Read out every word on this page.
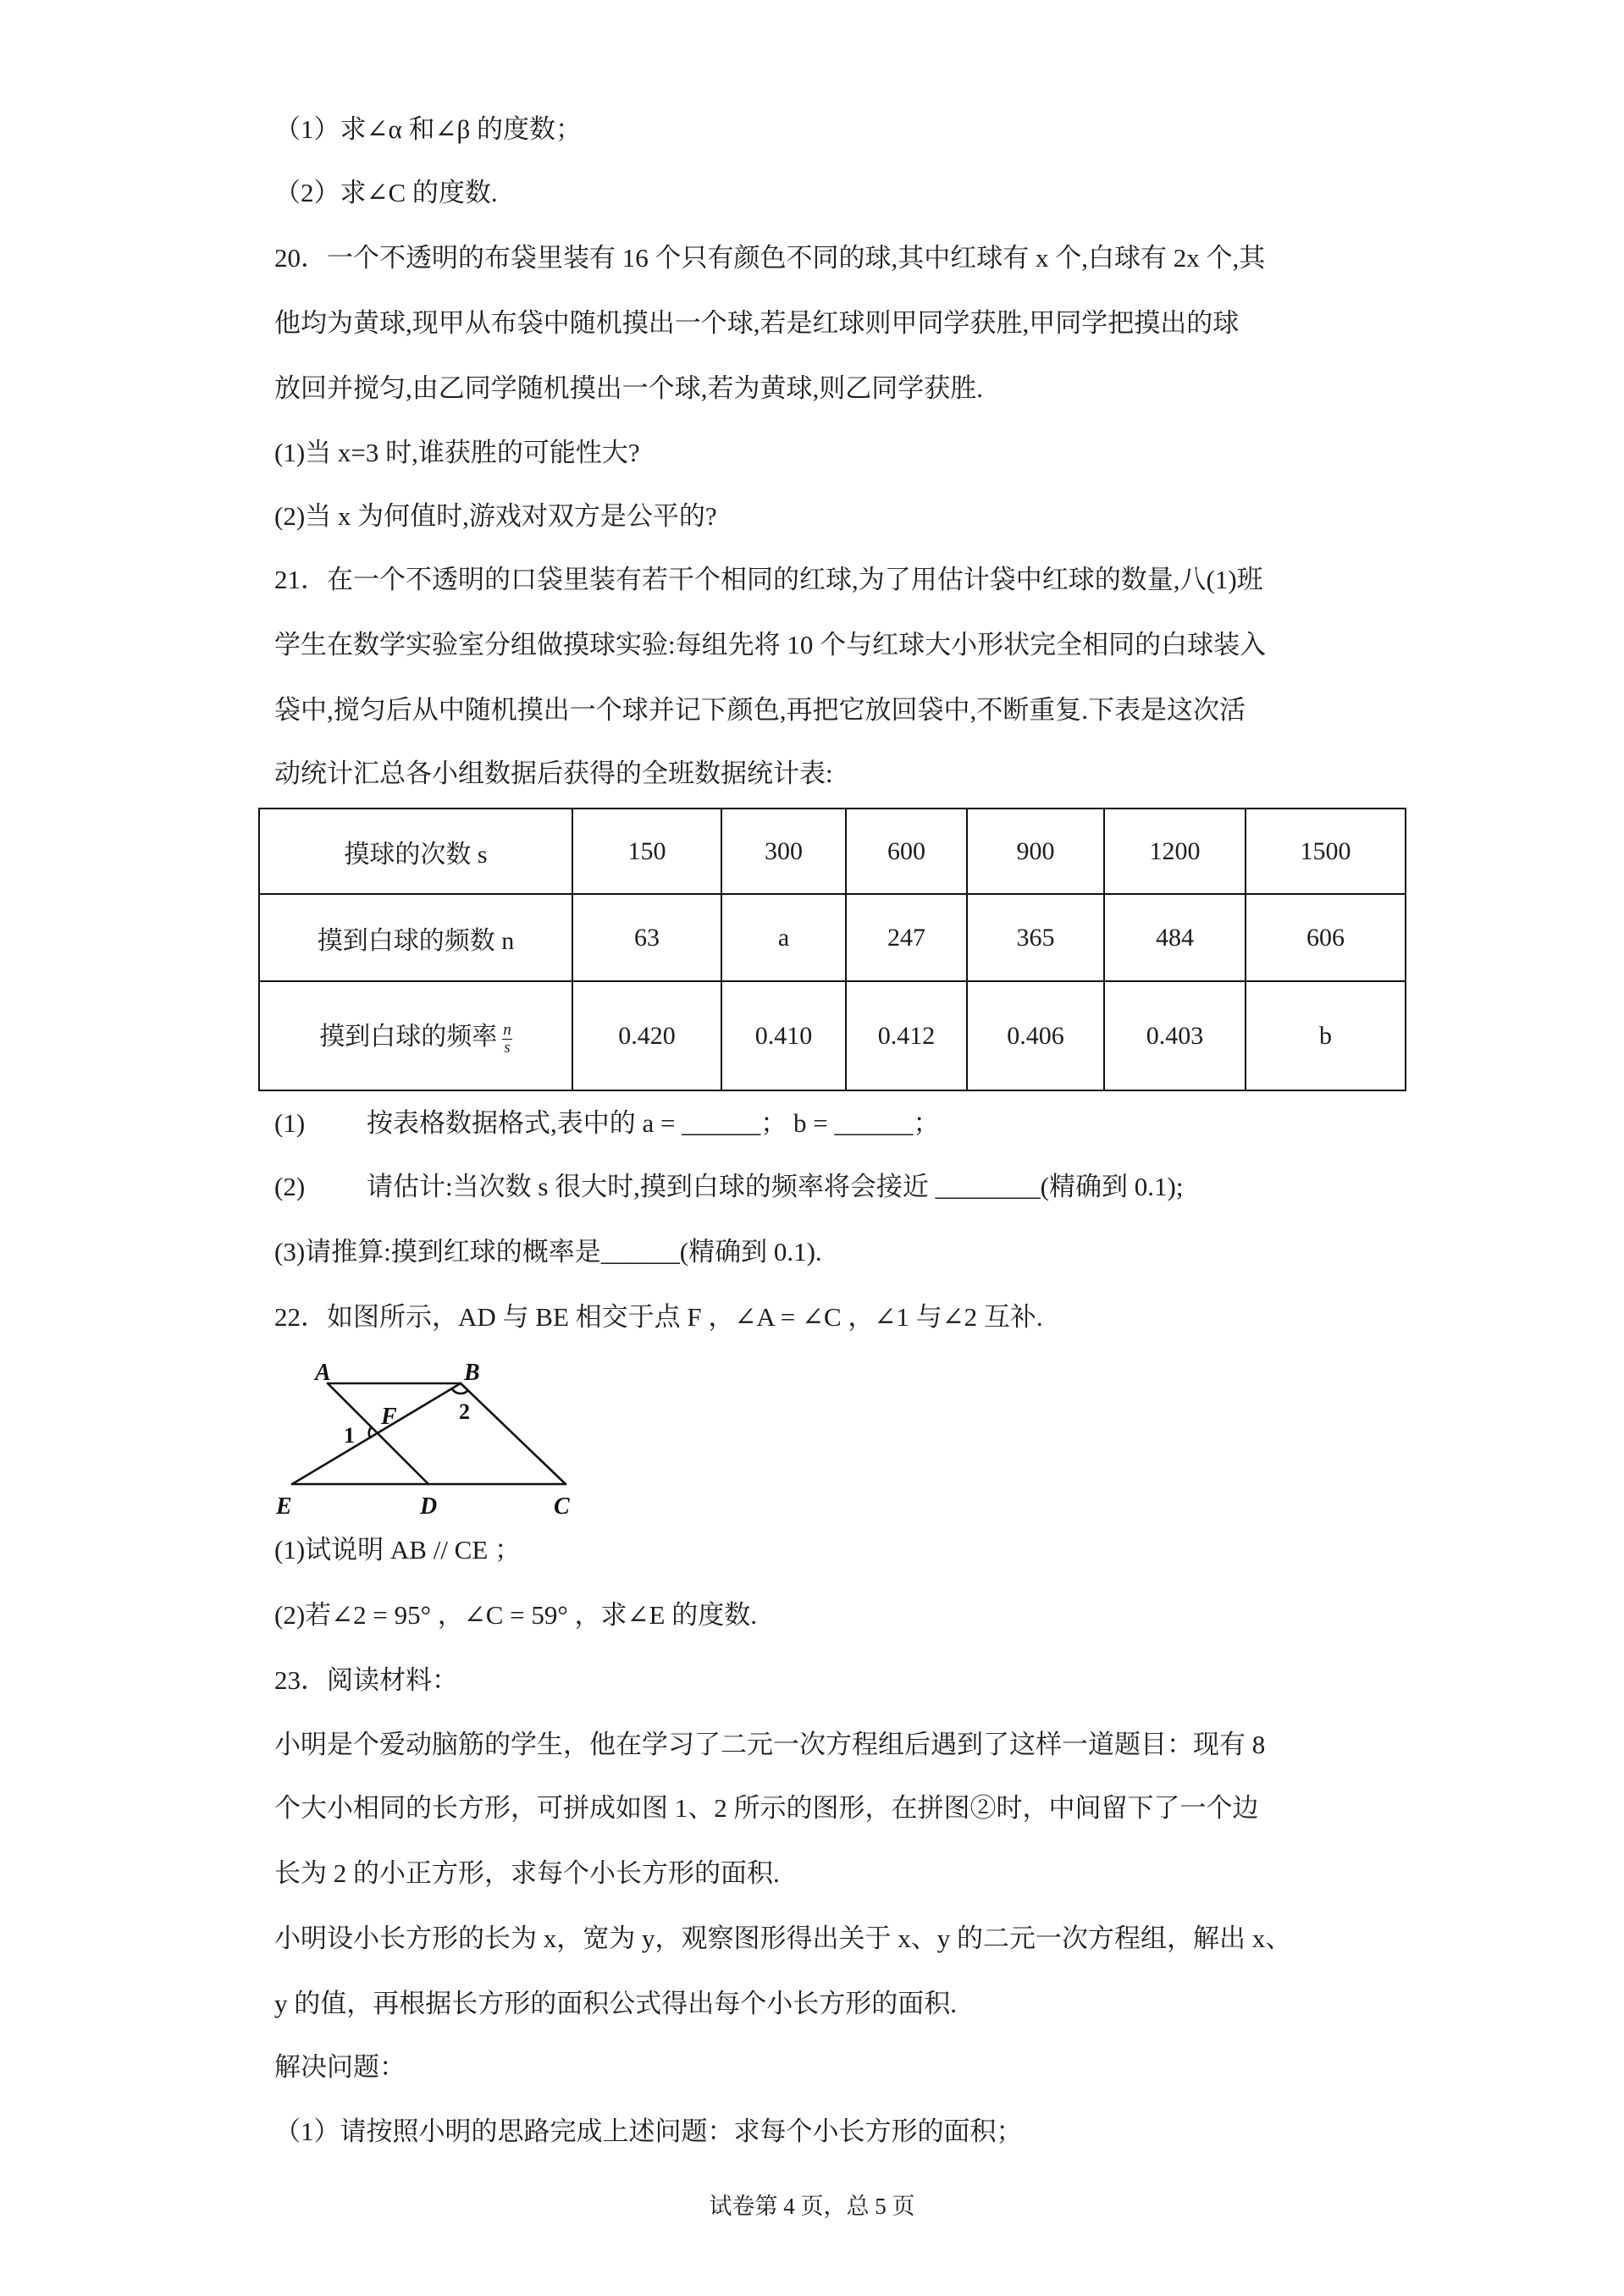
（1）求∠α 和∠β 的度数；
（2）求∠C 的度数.
20．一个不透明的布袋里装有 16 个只有颜色不同的球,其中红球有 x 个,白球有 2x 个,其
他均为黄球,现甲从布袋中随机摸出一个球,若是红球则甲同学获胜,甲同学把摸出的球
放回并搅匀,由乙同学随机摸出一个球,若为黄球,则乙同学获胜.
(1)当 x=3 时,谁获胜的可能性大?
(2)当 x 为何值时,游戏对双方是公平的?
21．在一个不透明的口袋里装有若干个相同的红球,为了用估计袋中红球的数量,八(1)班
学生在数学实验室分组做摸球实验:每组先将 10 个与红球大小形状完全相同的白球装入
袋中,搅匀后从中随机摸出一个球并记下颜色,再把它放回袋中,不断重复.下表是这次活
动统计汇总各小组数据后获得的全班数据统计表:
摸球的次数 s	150	300	600	900	1200	1500
摸到白球的频数 n	63	a	247	365	484	606
摸到白球的频率 $\frac{n}{s}$	0.420	0.410	0.412	0.406	0.403	b
(1) 按表格数据格式,表中的 a = ______； b = ______；
(2) 请估计:当次数 s 很大时,摸到白球的频率将会接近 ________(精确到 0.1);
(3)请推算:摸到红球的概率是______(精确到 0.1).
22．如图所示，AD 与 BE 相交于点 F ，∠A = ∠C ，∠1 与∠2 互补.
A	B
F
1
2
E	D	C
(1)试说明 AB // CE ；
(2)若∠2 = 95° ，∠C = 59° ，求∠E 的度数.
23．阅读材料：
小明是个爱动脑筋的学生，他在学习了二元一次方程组后遇到了这样一道题目：现有 8
个大小相同的长方形，可拼成如图 1、2 所示的图形，在拼图②时，中间留下了一个边
长为 2 的小正方形，求每个小长方形的面积.
小明设小长方形的长为 x，宽为 y，观察图形得出关于 x、y 的二元一次方程组，解出 x、
y 的值，再根据长方形的面积公式得出每个小长方形的面积.
解决问题：
（1）请按照小明的思路完成上述问题：求每个小长方形的面积；
试卷第 4 页，总 5 页
